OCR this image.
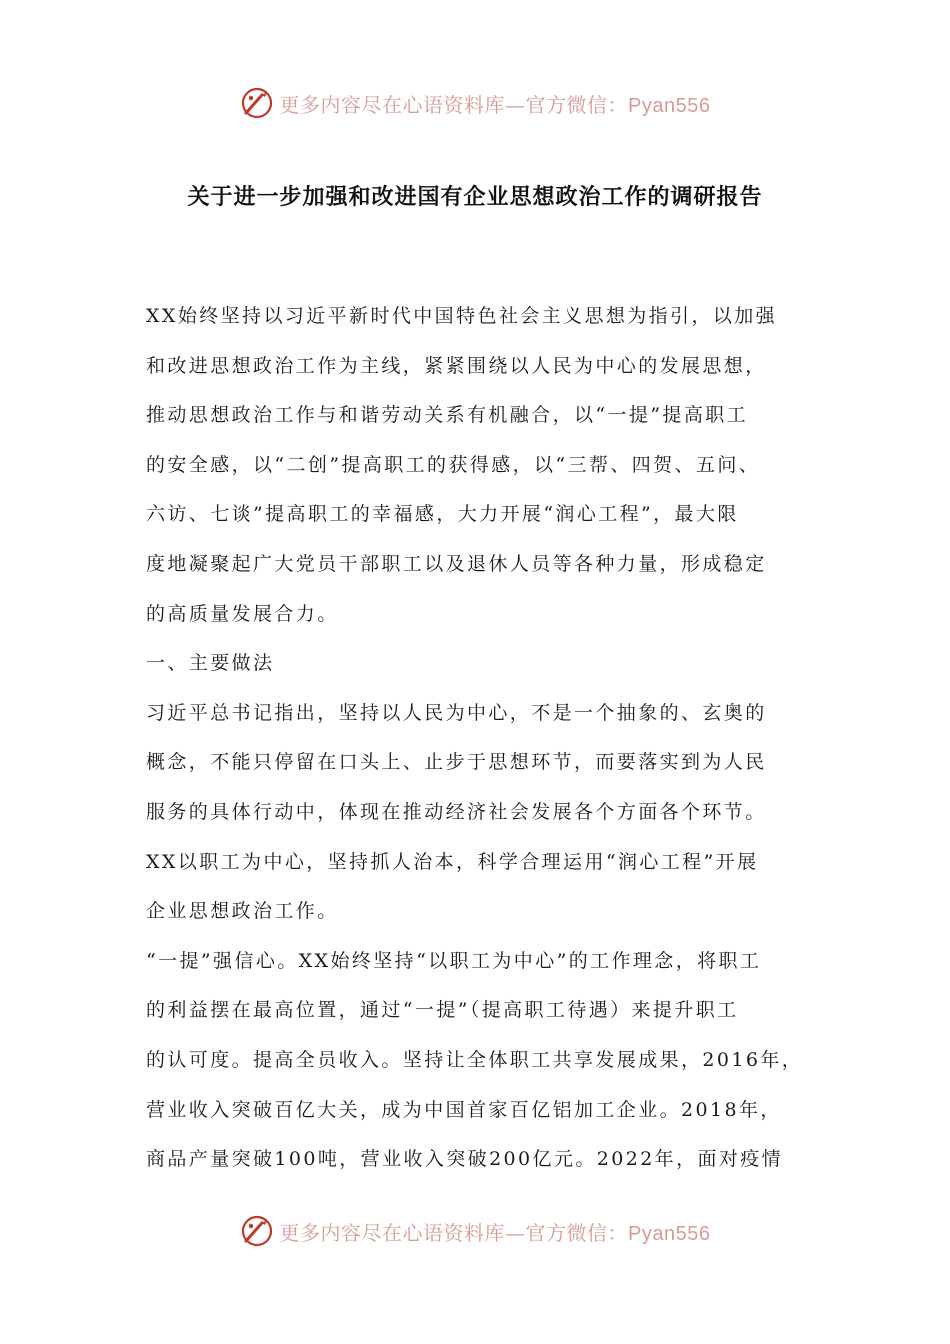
更多内容尽在心语资料库—官方微信：Pyan556
关于进一步加强和改进国有企业思想政治工作的调研报告
XX始终坚持以习近平新时代中国特色社会主义思想为指引，以加强
和改进思想政治工作为主线，紧紧围绕以人民为中心的发展思想，
推动思想政治工作与和谐劳动关系有机融合，以“一提”提高职工
的安全感，以“二创”提高职工的获得感，以“三帮、四贺、五问、
六访、七谈”提高职工的幸福感，大力开展“润心工程”，最大限
度地凝聚起广大党员干部职工以及退休人员等各种力量，形成稳定
的高质量发展合力。
一、主要做法
习近平总书记指出，坚持以人民为中心，不是一个抽象的、玄奥的
概念，不能只停留在口头上、止步于思想环节，而要落实到为人民
服务的具体行动中，体现在推动经济社会发展各个方面各个环节。
XX以职工为中心，坚持抓人治本，科学合理运用“润心工程”开展
企业思想政治工作。
“一提”强信心。XX始终坚持“以职工为中心”的工作理念，将职工
的利益摆在最高位置，通过“一提”（提高职工待遇）来提升职工
的认可度。提高全员收入。坚持让全体职工共享发展成果，2016年，
营业收入突破百亿大关，成为中国首家百亿铝加工企业。2018年，
商品产量突破100吨，营业收入突破200亿元。2022年，面对疫情
更多内容尽在心语资料库—官方微信：Pyan556
